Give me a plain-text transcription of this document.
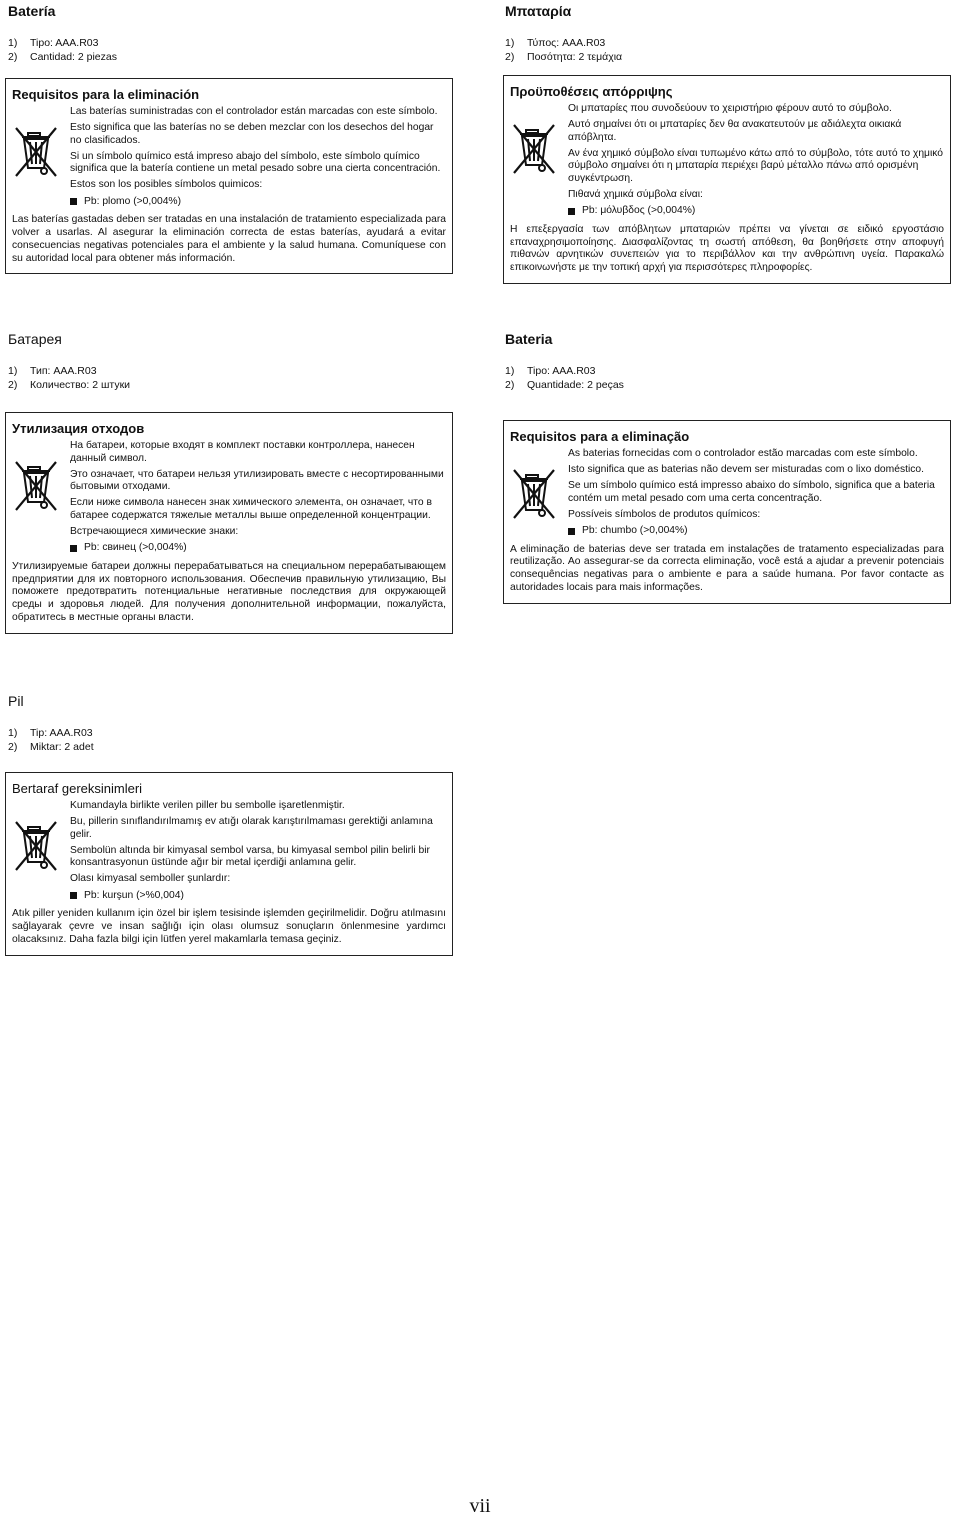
Batería
1)	Tipo: AAA.R03
2)	Cantidad: 2 piezas
Requisitos para la eliminación

Las baterías suministradas con el controlador están marcadas con este símbolo.

Esto significa que las baterías no se deben mezclar con los desechos del hogar no clasificados.

Si un símbolo químico está impreso abajo del símbolo, este símbolo químico significa que la batería contiene un metal pesado sobre una cierta concentración.

Estos son los posibles símbolos quimicos:

Pb: plomo (>0,004%)
Las baterías gastadas deben ser tratadas en una instalación de tratamiento especializada para volver a usarlas. Al asegurar la eliminación correcta de estas baterías, ayudará a evitar consecuencias negativas potenciales para el ambiente y la salud humana. Comuníquese con su autoridad local para obtener más información.
Μπαταρία
1)	Τύπος: AAA.R03
2)	Ποσότητα: 2 τεμάχια
Προϋποθέσεις απόρριψης

Οι μπαταρίες που συνοδεύουν το χειριστήριο φέρουν αυτό το σύμβολο.

Αυτό σημαίνει ότι οι μπαταρίες δεν θα ανακατευτούν με αδιάλεχτα οικιακά απόβλητα.

Αν ένα χημικό σύμβολο είναι τυπωμένο κάτω από το σύμβολο, τότε αυτό το χημικό σύμβολο σημαίνει ότι η μπαταρία περιέχει βαρύ μέταλλο πάνω από ορισμένη συγκέντρωση.

Πιθανά χημικά σύμβολα είναι:

Pb: μόλυβδος (>0,004%)
Η επεξεργασία των απόβλητων μπαταριών πρέπει να γίνεται σε ειδικό εργοστάσιο επαναχρησιμοποίησης. Διασφαλίζοντας τη σωστή απόθεση, θα βοηθήσετε στην αποφυγή πιθανών αρνητικών συνεπειών για το περιβάλλον και την ανθρώπινη υγεία. Παρακαλώ επικοινωνήστε με την τοπική αρχή για περισσότερες πληροφορίες.
Батарея
1)	Тип: AAA.R03
2)	Количество: 2 штуки
Утилизация отходов

На батареи, которые входят в комплект поставки контроллера, нанесен данный символ.

Это означает, что батареи нельзя утилизировать вместе с несортированными бытовыми отходами.

Если ниже символа нанесен знак химического элемента, он означает, что в батарее содержатся тяжелые металлы выше определенной концентрации.

Встречающиеся химические знаки:

Pb: свинец (>0,004%)
Утилизируемые батареи должны перерабатываться на специальном перерабатывающем предприятии для их повторного использования. Обеспечив правильную утилизацию, Вы поможете предотвратить потенциальные негативные последствия для окружающей среды и здоровья людей. Для получения дополнительной информации, пожалуйста, обратитесь в местные органы власти.
Bateria
1)	Tipo: AAA.R03
2)	Quantidade: 2 peças
Requisitos para a eliminação

As baterias fornecidas com o controlador estão marcadas com este símbolo.

Isto significa que as baterias não devem ser misturadas com o lixo doméstico.

Se um símbolo químico está impresso abaixo do símbolo, significa que a bateria contém um metal pesado com uma certa concentração.

Possíveis símbolos de produtos químicos:

Pb: chumbo (>0,004%)
A eliminação de baterias deve ser tratada em instalações de tratamento especializadas para reutilização. Ao assegurar-se da correcta eliminação, você está a ajudar a prevenir potenciais consequências negativas para o ambiente e para a saúde humana. Por favor contacte as autoridades locais para mais informações.
Pil
1)	Tip: AAA.R03
2)	Miktar: 2 adet
Bertaraf gereksinimleri

Kumandayla birlikte verilen piller bu sembolle işaretlenmiştir.

Bu, pillerin sınıflandırılmamış ev atığı olarak karıştırılmaması gerektiği anlamına gelir.

Sembolün altında bir kimyasal sembol varsa, bu kimyasal sembol pilin belirli bir konsantrasyonun üstünde ağır bir metal içerdiği anlamına gelir.

Olası kimyasal semboller şunlardır:

Pb: kurşun (>%0,004)
Atık piller yeniden kullanım için özel bir işlem tesisinde işlemden geçirilmelidir. Doğru atılmasını sağlayarak çevre ve insan sağlığı için olası olumsuz sonuçların önlenmesine yardımcı olacaksınız. Daha fazla bilgi için lütfen yerel makamlarla temasa geçiniz.
vii
